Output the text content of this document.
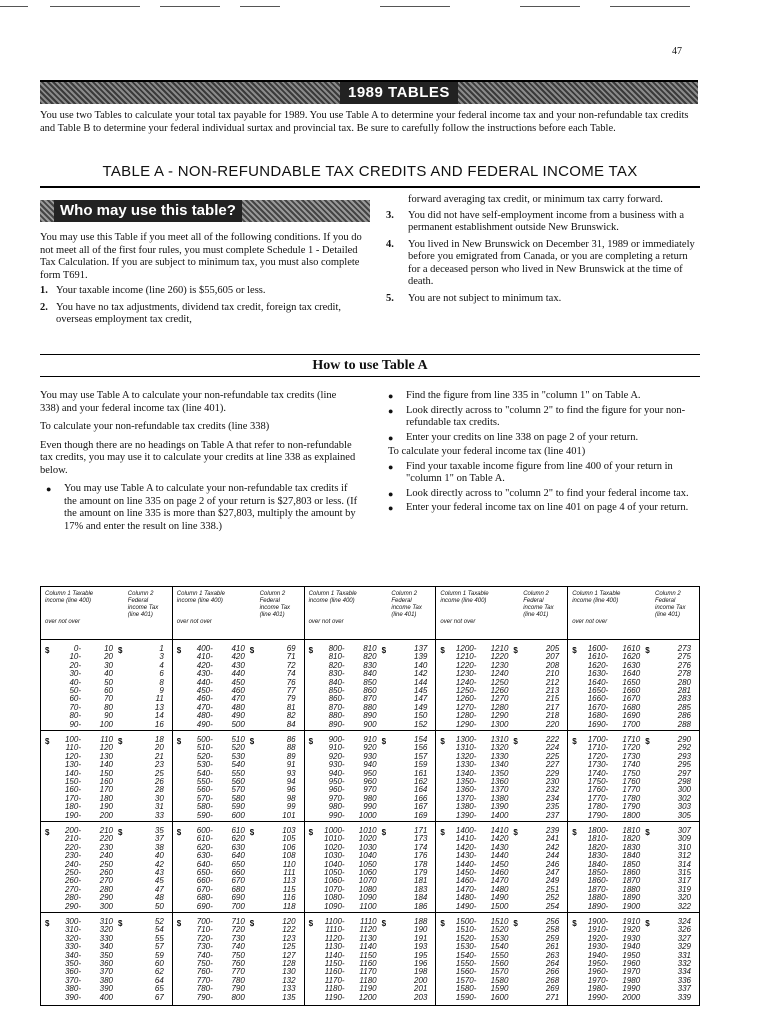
47
1989 TABLES
You use two Tables to calculate your total tax payable for 1989. You use Table A to determine your federal income tax and your non-refundable tax credits and Table B to determine your federal individual surtax and provincial tax. Be sure to carefully follow the instructions before each Table.
TABLE A - NON-REFUNDABLE TAX CREDITS AND FEDERAL INCOME TAX
Who may use this table?

You may use this Table if you meet all of the following conditions. If you do not meet all of the first four rules, you must complete Schedule 1 - Detailed Tax Calculation. If you are subject to minimum tax, you must also complete form T691.

1. Your taxable income (line 260) is $55,605 or less.
2. You have no tax adjustments, dividend tax credit, foreign tax credit, overseas employment tax credit,

forward averaging tax credit, or minimum tax carry forward.

3.	You did not have self-employment income from a business with a permanent establishment outside New Brunswick.
4.	You lived in New Brunswick on December 31, 1989 or immediately before you emigrated from Canada, or you are completing a return for a deceased person who lived in New Brunswick at the time of death.
5.	You are not subject to minimum tax.
How to use Table A

You may use Table A to calculate your non-refundable tax credits (line 338) and your federal income tax (line 401).

To calculate your non-refundable tax credits (line 338)

Even though there are no headings on Table A that refer to non-refundable tax credits, you may use it to calculate your credits at line 338 as explained below.

●	You may use Table A to calculate your non-refundable tax credits if the amount on line 335 on page 2 of your return is $27,803 or less. (If the amount on line 335 is more than $27,803, multiply the amount by 17% and enter the result on line 338.)
●	Find the figure from line 335 in "column 1" on Table A.
●	Look directly across to "column 2" to find the figure for your non-refundable tax credits.
●	Enter your credits on line 338 on page 2 of your return.

To calculate your federal income tax (line 401)

●	Find your taxable income figure from line 400 of your return in "column 1" on Table A.
●	Look directly across to "column 2" to find your federal income tax.
●	Enter your federal income tax on line 401 on page 4 of your return.
Column 1 Taxable income (line 400)
Column 2 Federal income Tax (line 401)
over not over
$	$
0-	10	1
10-	20	3
20-	30	4
30-	40	6
40-	50	8
50-	60	9
60-	70	11
70-	80	13
80-	90	14
90-	100	16
$	$
100-	110	18
110-	120	20
120-	130	21
130-	140	23
140-	150	25
150-	160	26
160-	170	28
170-	180	30
180-	190	31
190-	200	33
$	$
200-	210	35
210-	220	37
220-	230	38
230-	240	40
240-	250	42
250-	260	43
260-	270	45
270-	280	47
280-	290	48
290-	300	50
$	$
300-	310	52
310-	320	54
320-	330	55
330-	340	57
340-	350	59
350-	360	60
360-	370	62
370-	380	64
380-	390	65
390-	400	67
Column 1 Taxable income (line 400)
Column 2 Federal income Tax (line 401)
over not over
$	$
400-	410	69
410-	420	71
420-	430	72
430-	440	74
440-	450	76
450-	460	77
460-	470	79
470-	480	81
480-	490	82
490-	500	84
$	$
500-	510	86
510-	520	88
520-	530	89
530-	540	91
540-	550	93
550-	560	94
560-	570	96
570-	580	98
580-	590	99
590-	600	101
$	$
600-	610	103
610-	620	105
620-	630	106
630-	640	108
640-	650	110
650-	660	111
660-	670	113
670-	680	115
680-	690	116
690-	700	118
$	$
700-	710	120
710-	720	122
720-	730	123
730-	740	125
740-	750	127
750-	760	128
760-	770	130
770-	780	132
780-	790	133
790-	800	135
Column 1 Taxable income (line 400)
Column 2 Federal income Tax (line 401)
over not over
$	$
800-	810	137
810-	820	139
820-	830	140
830-	840	142
840-	850	144
850-	860	145
860-	870	147
870-	880	149
880-	890	150
890-	900	152
$	$
900-	910	154
910-	920	156
920-	930	157
930-	940	159
940-	950	161
950-	960	162
960-	970	164
970-	980	166
980-	990	167
990-	1000	169
$	$
1000-	1010	171
1010-	1020	173
1020-	1030	174
1030-	1040	176
1040-	1050	178
1050-	1060	179
1060-	1070	181
1070-	1080	183
1080-	1090	184
1090-	1100	186
$	$
1100-	1110	188
1110-	1120	190
1120-	1130	191
1130-	1140	193
1140-	1150	195
1150-	1160	196
1160-	1170	198
1170-	1180	200
1180-	1190	201
1190-	1200	203
Column 1 Taxable income (line 400)
Column 2 Federal income Tax (line 401)
over not over
$	$
1200-	1210	205
1210-	1220	207
1220-	1230	208
1230-	1240	210
1240-	1250	212
1250-	1260	213
1260-	1270	215
1270-	1280	217
1280-	1290	218
1290-	1300	220
$	$
1300-	1310	222
1310-	1320	224
1320-	1330	225
1330-	1340	227
1340-	1350	229
1350-	1360	230
1360-	1370	232
1370-	1380	234
1380-	1390	235
1390-	1400	237
$	$
1400-	1410	239
1410-	1420	241
1420-	1430	242
1430-	1440	244
1440-	1450	246
1450-	1460	247
1460-	1470	249
1470-	1480	251
1480-	1490	252
1490-	1500	254
$	$
1500-	1510	256
1510-	1520	258
1520-	1530	259
1530-	1540	261
1540-	1550	263
1550-	1560	264
1560-	1570	266
1570-	1580	268
1580-	1590	269
1590-	1600	271
Column 1 Taxable income (line 400)
Column 2 Federal income Tax (line 401)
over not over
$	$
1600-	1610	273
1610-	1620	275
1620-	1630	276
1630-	1640	278
1640-	1650	280
1650-	1660	281
1660-	1670	283
1670-	1680	285
1680-	1690	286
1690-	1700	288
$	$
1700-	1710	290
1710-	1720	292
1720-	1730	293
1730-	1740	295
1740-	1750	297
1750-	1760	298
1760-	1770	300
1770-	1780	302
1780-	1790	303
1790-	1800	305
$	$
1800-	1810	307
1810-	1820	309
1820-	1830	310
1830-	1840	312
1840-	1850	314
1850-	1860	315
1860-	1870	317
1870-	1880	319
1880-	1890	320
1890-	1900	322
$	$
1900-	1910	324
1910-	1920	326
1920-	1930	327
1930-	1940	329
1940-	1950	331
1950-	1960	332
1960-	1970	334
1970-	1980	336
1980-	1990	337
1990-	2000	339
